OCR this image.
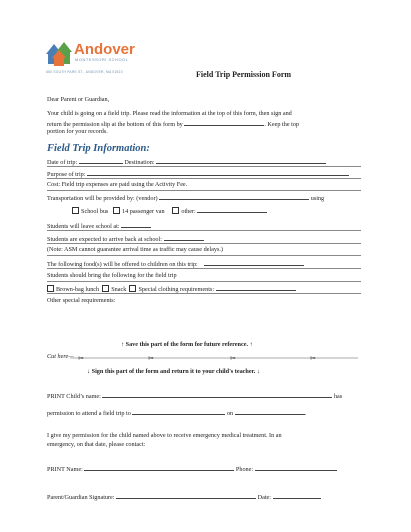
Andover
MONTESSORI SCHOOL
860 SOUTH PARK ST., ANDOVER, MA 01810	Field Trip Permission Form
Dear Parent or Guardian,
Your child is going on a field trip. Please read the information at the top of this form, then sign and
return the permission slip at the bottom of this form by	. Keep the top
portion for your records.
Field Trip Information:
Date of trip:	Destination:
Purpose of trip:
Cost: Field trip expenses are paid using the Activity Fee.
Transportation will be provided by: (vendor)	using
School bus 14 passenger van	other:
Students will leave school at:
Students are expected to arrive back at school:
(Note: ASM cannot guarantee arrival time as traffic may cause delays.)
The following food(s) will be offered to children on this trip:
Students should bring the following for the field trip
Brown-bag lunch Snack Special clothing requirements:
Other special requirements:
↑ Save this part of the form for future reference. ↑
Cut here— ✂	✂	✂	✂
↓ Sign this part of the form and return it to your child's teacher. ↓
PRINT Child’s name:	has
permission to attend a field trip to	on	.
I give my permission for the child named above to receive emergency medical treatment. In an
emergency, on that date, please contact:
PRINT Name:	Phone:
Parent/Guardian Signature:	Date:
